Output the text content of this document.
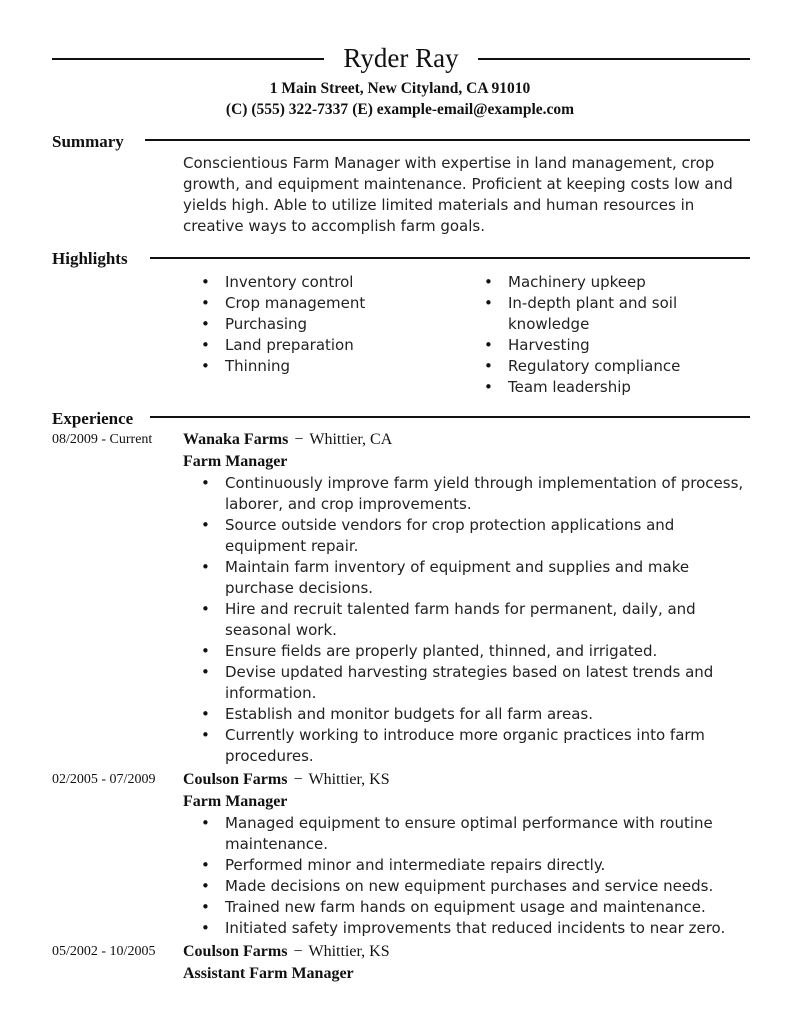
Ryder Ray
1 Main Street, New Cityland, CA 91010
(C) (555) 322-7337 (E) example-email@example.com
Summary
Conscientious Farm Manager with expertise in land management, crop growth, and equipment maintenance. Proficient at keeping costs low and yields high. Able to utilize limited materials and human resources in creative ways to accomplish farm goals.
Highlights
• Inventory control
• Crop management
• Purchasing
• Land preparation
• Thinning
• Machinery upkeep
• In-depth plant and soil knowledge
• Harvesting
• Regulatory compliance
• Team leadership
Experience
08/2009 - Current Wanaka Farms − Whittier, CA
Farm Manager
• Continuously improve farm yield through implementation of process, laborer, and crop improvements.
• Source outside vendors for crop protection applications and equipment repair.
• Maintain farm inventory of equipment and supplies and make purchase decisions.
• Hire and recruit talented farm hands for permanent, daily, and seasonal work.
• Ensure fields are properly planted, thinned, and irrigated.
• Devise updated harvesting strategies based on latest trends and information.
• Establish and monitor budgets for all farm areas.
• Currently working to introduce more organic practices into farm procedures.
02/2005 - 07/2009 Coulson Farms − Whittier, KS
Farm Manager
• Managed equipment to ensure optimal performance with routine maintenance.
• Performed minor and intermediate repairs directly.
• Made decisions on new equipment purchases and service needs.
• Trained new farm hands on equipment usage and maintenance.
• Initiated safety improvements that reduced incidents to near zero.
05/2002 - 10/2005 Coulson Farms − Whittier, KS
Assistant Farm Manager
